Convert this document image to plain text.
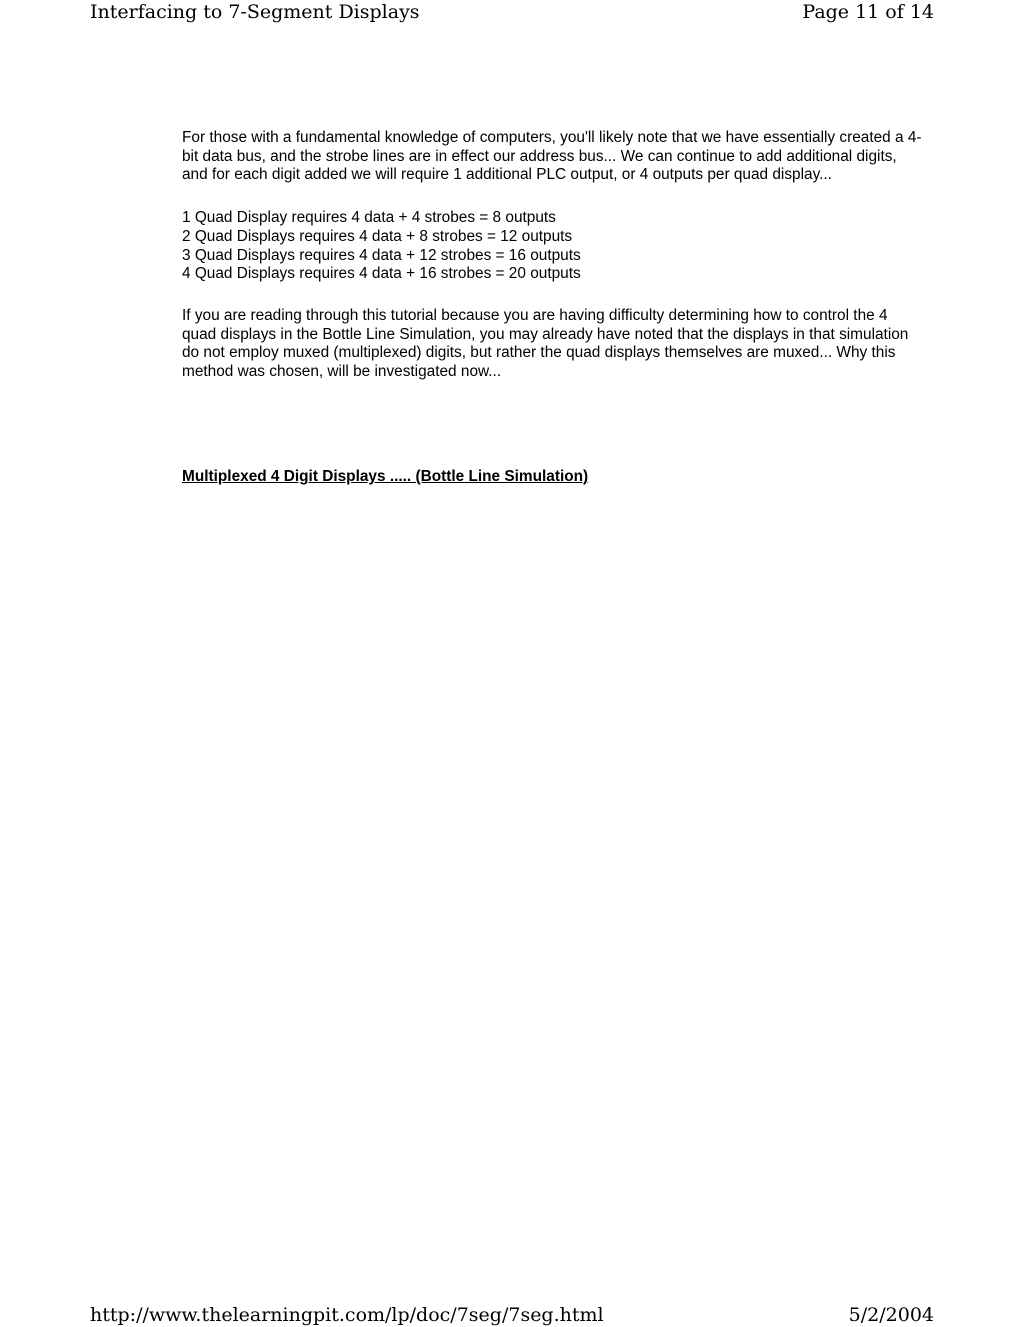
Interfacing to 7-Segment Displays	Page 11 of 14

For those with a fundamental knowledge of computers, you'll likely note that we have essentially created a 4-bit data bus, and the strobe lines are in effect our address bus... We can continue to add additional digits, and for each digit added we will require 1 additional PLC output, or 4 outputs per quad display...

1 Quad Display requires 4 data + 4 strobes = 8 outputs
2 Quad Displays requires 4 data + 8 strobes = 12 outputs
3 Quad Displays requires 4 data + 12 strobes = 16 outputs
4 Quad Displays requires 4 data + 16 strobes = 20 outputs

If you are reading through this tutorial because you are having difficulty determining how to control the 4 quad displays in the Bottle Line Simulation, you may already have noted that the displays in that simulation do not employ muxed (multiplexed) digits, but rather the quad displays themselves are muxed... Why this method was chosen, will be investigated now...

Multiplexed 4 Digit Displays ..... (Bottle Line Simulation)
http://www.thelearningpit.com/lp/doc/7seg/7seg.html	5/2/2004
